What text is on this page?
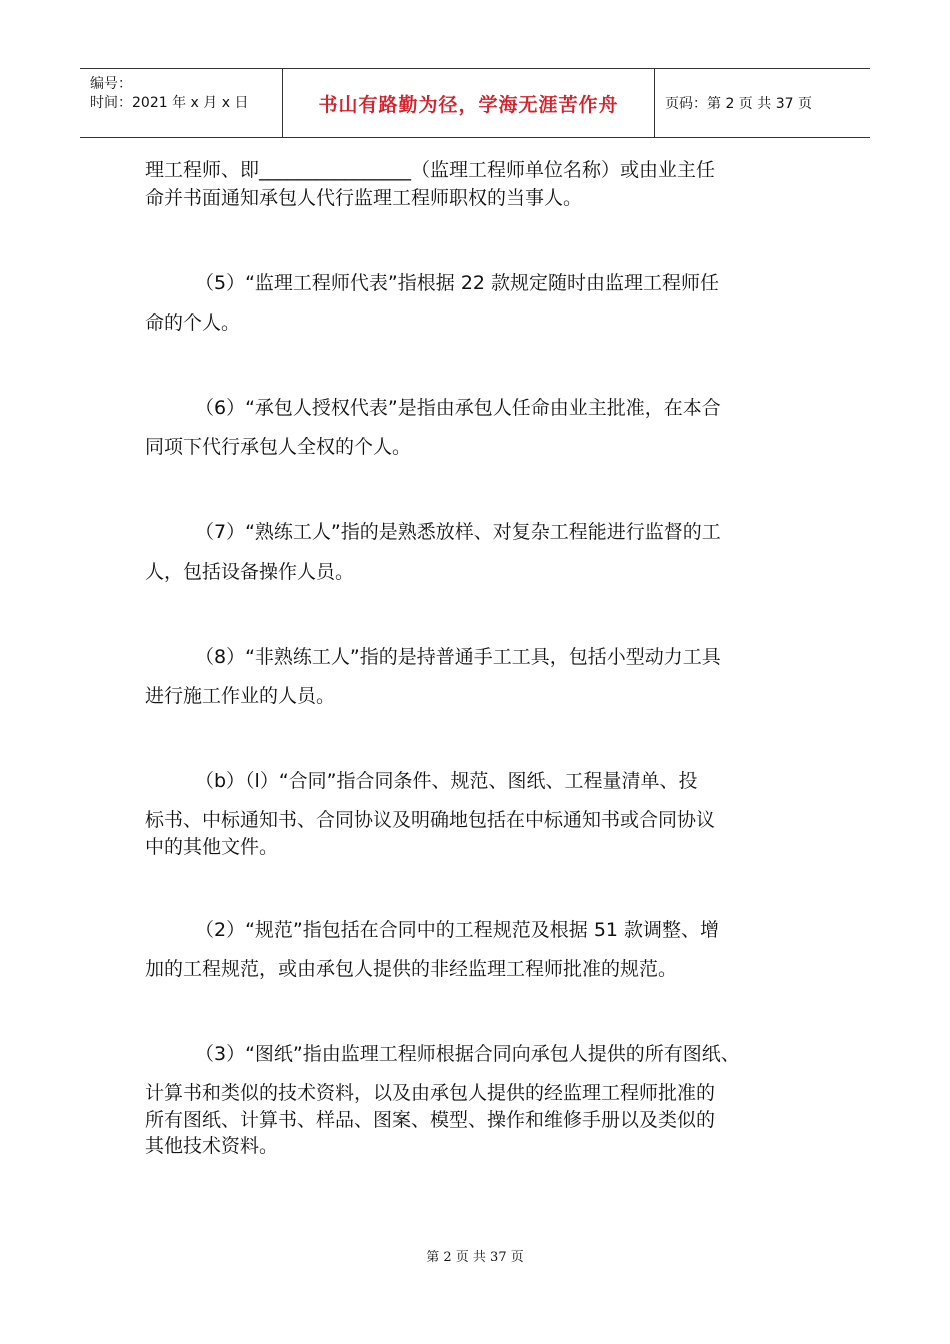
编号：
时间：2021 年 x 月 x 日	书山有路勤为径，学海无涯苦作舟	页码：第 2 页 共 37 页
理工程师、即________________（监理工程师单位名称）或由业主任
命并书面通知承包人代行监理工程师职权的当事人。
（5）“监理工程师代表”指根据 22 款规定随时由监理工程师任
命的个人。
（6）“承包人授权代表”是指由承包人任命由业主批准，在本合
同项下代行承包人全权的个人。
（7）“熟练工人”指的是熟悉放样、对复杂工程能进行监督的工
人，包括设备操作人员。
（8）“非熟练工人”指的是持普通手工工具，包括小型动力工具
进行施工作业的人员。
（b）（l）“合同”指合同条件、规范、图纸、工程量清单、投
标书、中标通知书、合同协议及明确地包括在中标通知书或合同协议
中的其他文件。
（2）“规范”指包括在合同中的工程规范及根据 51 款调整、增
加的工程规范，或由承包人提供的非经监理工程师批准的规范。
（3）“图纸”指由监理工程师根据合同向承包人提供的所有图纸、
计算书和类似的技术资料，以及由承包人提供的经监理工程师批准的
所有图纸、计算书、样品、图案、模型、操作和维修手册以及类似的
其他技术资料。
第 2 页 共 37 页
